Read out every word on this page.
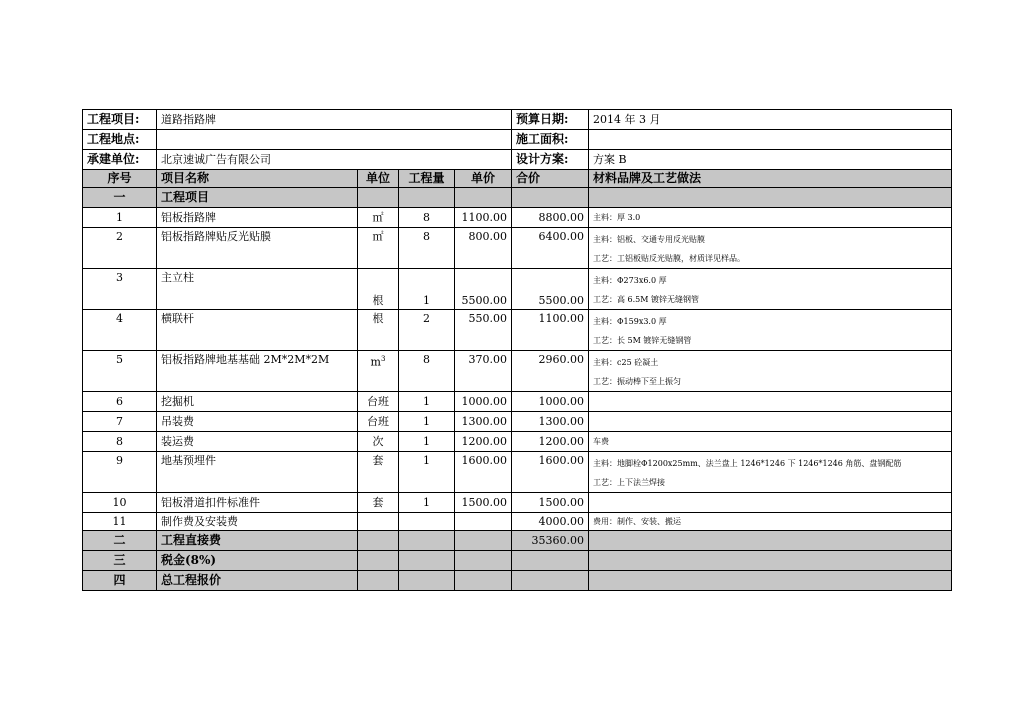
工程项目:	道路指路牌				预算日期:	2014 年 3 月
工程地点:					施工面积:	
承建单位:	北京速诚广告有限公司				设计方案:	方案 B
序号	项目名称	单位	工程量	单价	合价	材料品牌及工艺做法
一	工程项目					
1	铝板指路牌	㎡	8	1100.00	8800.00	主料：厚 3.0

2	铝板指路牌贴反光贴膜	㎡	8	800.00	6400.00	主料：铝板、交通专用反光贴膜
工艺：工铝板贴反光贴膜，材质详见样品。

3	主立柱	根	1	5500.00	5500.00	主料：Φ273x6.0 厚
工艺：高 6.5M 镀锌无缝钢管

4	横联杆	根	2	550.00	1100.00	主料：Φ159x3.0 厚
工艺：长 5M 镀锌无缝钢管

5	铝板指路牌地基基础 2M*2M*2M	$m^3$	8	370.00	2960.00	主料：c25 砼凝土
工艺：振动棒下至上振匀

6	挖掘机	台班	1	1000.00	1000.00	
7	吊装费	台班	1	1300.00	1300.00	
8	装运费	次	1	1200.00	1200.00	车费

9	地基预埋件	套	1	1600.00	1600.00	主料：地脚栓Φ1200x25mm、法兰盘上 1246*1246 下 1246*1246 角筋、盘钢配筋
工艺：上下法兰焊接

10	铝板滑道扣件标准件	套	1	1500.00	1500.00	
11	制作费及安装费				4000.00	费用：制作、安装、搬运

二	工程直接费				35360.00	
三	税金(8%)					
四	总工程报价					
